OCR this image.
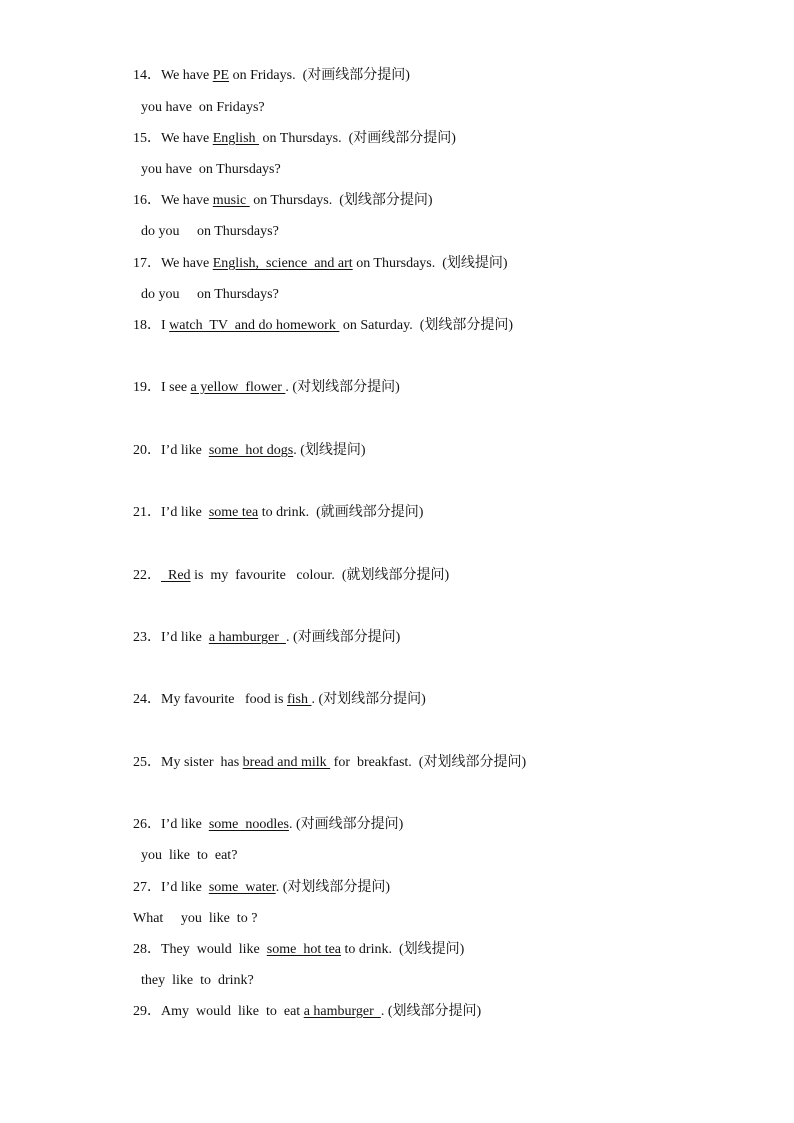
14．We have PE on Fridays.  (对画线部分提问)
you have  on Fridays?
15．We have English  on Thursdays.  (对画线部分提问)
you have  on Thursdays?
16．We have music  on Thursdays.  (划线部分提问)
do you     on Thursdays?
17．We have English,  science  and art on Thursdays.  (划线提问)
do you     on Thursdays?
18．I watch  TV  and do homework  on Saturday.  (划线部分提问)
19．I see a yellow  flower . (对划线部分提问)
20．I’d like  some  hot dogs. (划线提问)
21．I’d like  some tea to drink.  (就画线部分提问)
22．  Red is  my  favourite   colour.  (就划线部分提问)
23．I’d like  a hamburger  . (对画线部分提问)
24．My favourite   food is fish . (对划线部分提问)
25．My sister  has bread and milk  for  breakfast.  (对划线部分提问)
26．I’d like  some  noodles. (对画线部分提问)
you  like  to  eat?
27．I’d like  some  water. (对划线部分提问)
What     you  like  to ?
28．They  would  like  some  hot tea to drink.  (划线提问)
they  like  to  drink?
29．Amy  would  like  to  eat a hamburger  . (划线部分提问)
